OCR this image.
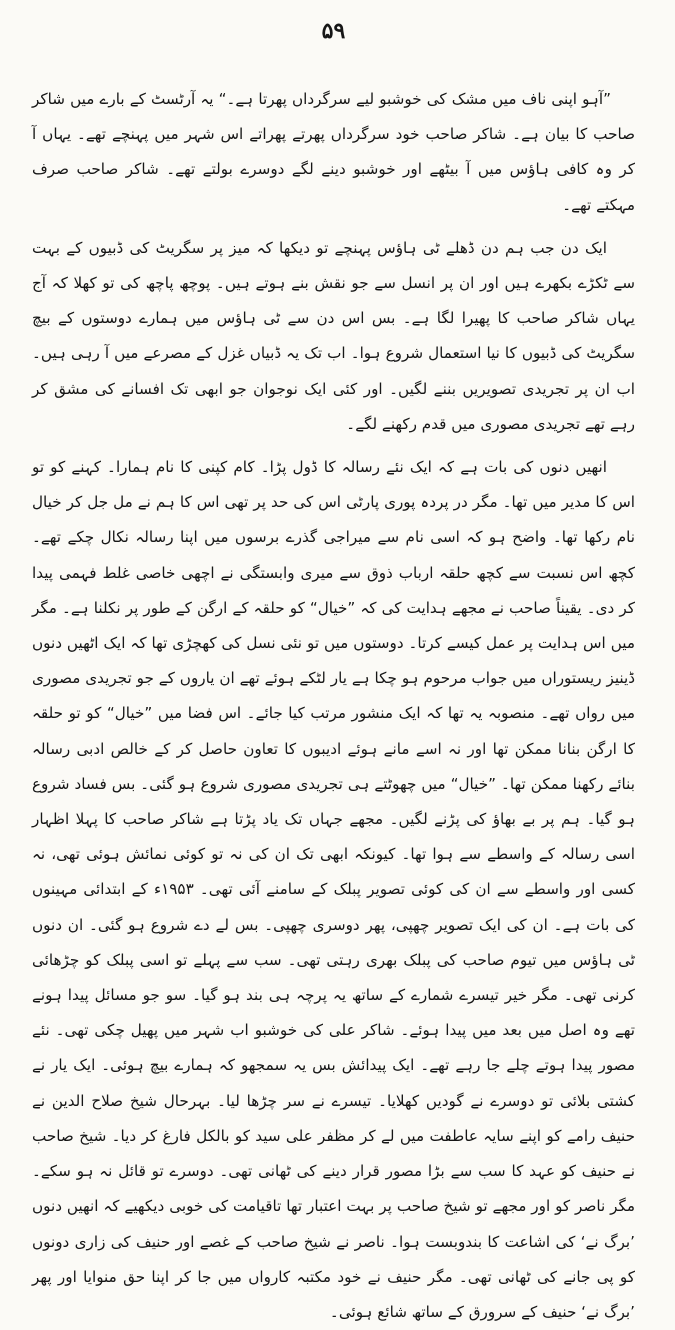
۵۹

”آہو اپنی ناف میں مشک کی خوشبو لیے سرگرداں پھرتا ہے۔“ یہ آرٹسٹ کے بارے میں شاکر صاحب کا بیان ہے۔ شاکر صاحب خود سرگرداں پھرتے پھراتے اس شہر میں پہنچے تھے۔ یہاں آ کر وہ کافی ہاؤس میں آ بیٹھے اور خوشبو دینے لگے دوسرے بولتے تھے۔ شاکر صاحب صرف مہکتے تھے۔

ایک دن جب ہم دن ڈھلے ٹی ہاؤس پہنچے تو دیکھا کہ میز پر سگریٹ کی ڈبیوں کے بہت سے ٹکڑے بکھرے ہیں اور ان پر انسل سے جو نقش بنے ہوتے ہیں۔ پوچھ پاچھ کی تو کھلا کہ آج یہاں شاکر صاحب کا پھیرا لگا ہے۔ بس اس دن سے ٹی ہاؤس میں ہمارے دوستوں کے بیچ سگریٹ کی ڈبیوں کا نیا استعمال شروع ہوا۔ اب تک یہ ڈبیاں غزل کے مصرعے میں آ رہی ہیں۔ اب ان پر تجریدی تصویریں بننے لگیں۔ اور کئی ایک نوجوان جو ابھی تک افسانے کی مشق کر رہے تھے تجریدی مصوری میں قدم رکھنے لگے۔

انھیں دنوں کی بات ہے کہ ایک نئے رسالہ کا ڈول پڑا۔ کام کپنی کا نام ہمارا۔ کہنے کو تو اس کا مدیر میں تھا۔ مگر در پردہ پوری پارٹی اس کی حد پر تھی اس کا ہم نے مل جل کر خیال نام رکھا تھا۔ واضح ہو کہ اسی نام سے میراجی گذرے برسوں میں اپنا رسالہ نکال چکے تھے۔ کچھ اس نسبت سے کچھ حلقہ ارباب ذوق سے میری وابستگی نے اچھی خاصی غلط فہمی پیدا کر دی۔ یقیناً صاحب نے مجھے ہدایت کی کہ ”خیال“ کو حلقہ کے ارگن کے طور پر نکلنا ہے۔ مگر میں اس ہدایت پر عمل کیسے کرتا۔ دوستوں میں تو نئی نسل کی کھچڑی تھا کہ ایک اٹھیں دنوں ڈینیز ریستوراں میں جواب مرحوم ہو چکا ہے یار لٹکے ہوئے تھے ان یاروں کے جو تجریدی مصوری میں رواں تھے۔ منصوبہ یہ تھا کہ ایک منشور مرتب کیا جائے۔ اس فضا میں ”خیال“ کو تو حلقہ کا ارگن بنانا ممکن تھا اور نہ اسے مانے ہوئے ادیبوں کا تعاون حاصل کر کے خالص ادبی رسالہ بنائے رکھنا ممکن تھا۔ ”خیال“ میں چھوٹتے ہی تجریدی مصوری شروع ہو گئی۔ بس فساد شروع ہو گیا۔ ہم پر بے بھاؤ کی پڑنے لگیں۔ مجھے جہاں تک یاد پڑتا ہے شاکر صاحب کا پہلا اظہار اسی رسالہ کے واسطے سے ہوا تھا۔ کیونکہ ابھی تک ان کی نہ تو کوئی نمائش ہوئی تھی، نہ کسی اور واسطے سے ان کی کوئی تصویر پبلک کے سامنے آئی تھی۔ ۱۹۵۳ء کے ابتدائی مہینوں کی بات ہے۔ ان کی ایک تصویر چھپی، پھر دوسری چھپی۔ بس لے دے شروع ہو گئی۔ ان دنوں ٹی ہاؤس میں تیوم صاحب کی پبلک بھری رہتی تھی۔ سب سے پہلے تو اسی پبلک کو چڑھائی کرنی تھی۔ مگر خیر تیسرے شمارے کے ساتھ یہ پرچہ ہی بند ہو گیا۔ سو جو مسائل پیدا ہونے تھے وہ اصل میں بعد میں پیدا ہوئے۔ شاکر علی کی خوشبو اب شہر میں پھیل چکی تھی۔ نئے مصور پیدا ہوتے چلے جا رہے تھے۔ ایک پیدائش بس یہ سمجھو کہ ہمارے بیچ ہوئی۔ ایک یار نے کشتی بلائی تو دوسرے نے گودیں کھلایا۔ تیسرے نے سر چڑھا لیا۔ بہرحال شیخ صلاح الدین نے حنیف رامے کو اپنے سایہ عاطفت میں لے کر مظفر علی سید کو بالکل فارغ کر دیا۔ شیخ صاحب نے حنیف کو عہد کا سب سے بڑا مصور قرار دینے کی ٹھانی تھی۔ دوسرے تو قائل نہ ہو سکے۔ مگر ناصر کو اور مجھے تو شیخ صاحب پر بہت اعتبار تھا تاقیامت کی خوبی دیکھیے کہ انھیں دنوں ’برگ نے‘ کی اشاعت کا بندوبست ہوا۔ ناصر نے شیخ صاحب کے غصے اور حنیف کی زاری دونوں کو پی جانے کی ٹھانی تھی۔ مگر حنیف نے خود مکتبہ کارواں میں جا کر اپنا حق منوایا اور پھر ’برگ نے‘ حنیف کے سرورق کے ساتھ شائع ہوئی۔
